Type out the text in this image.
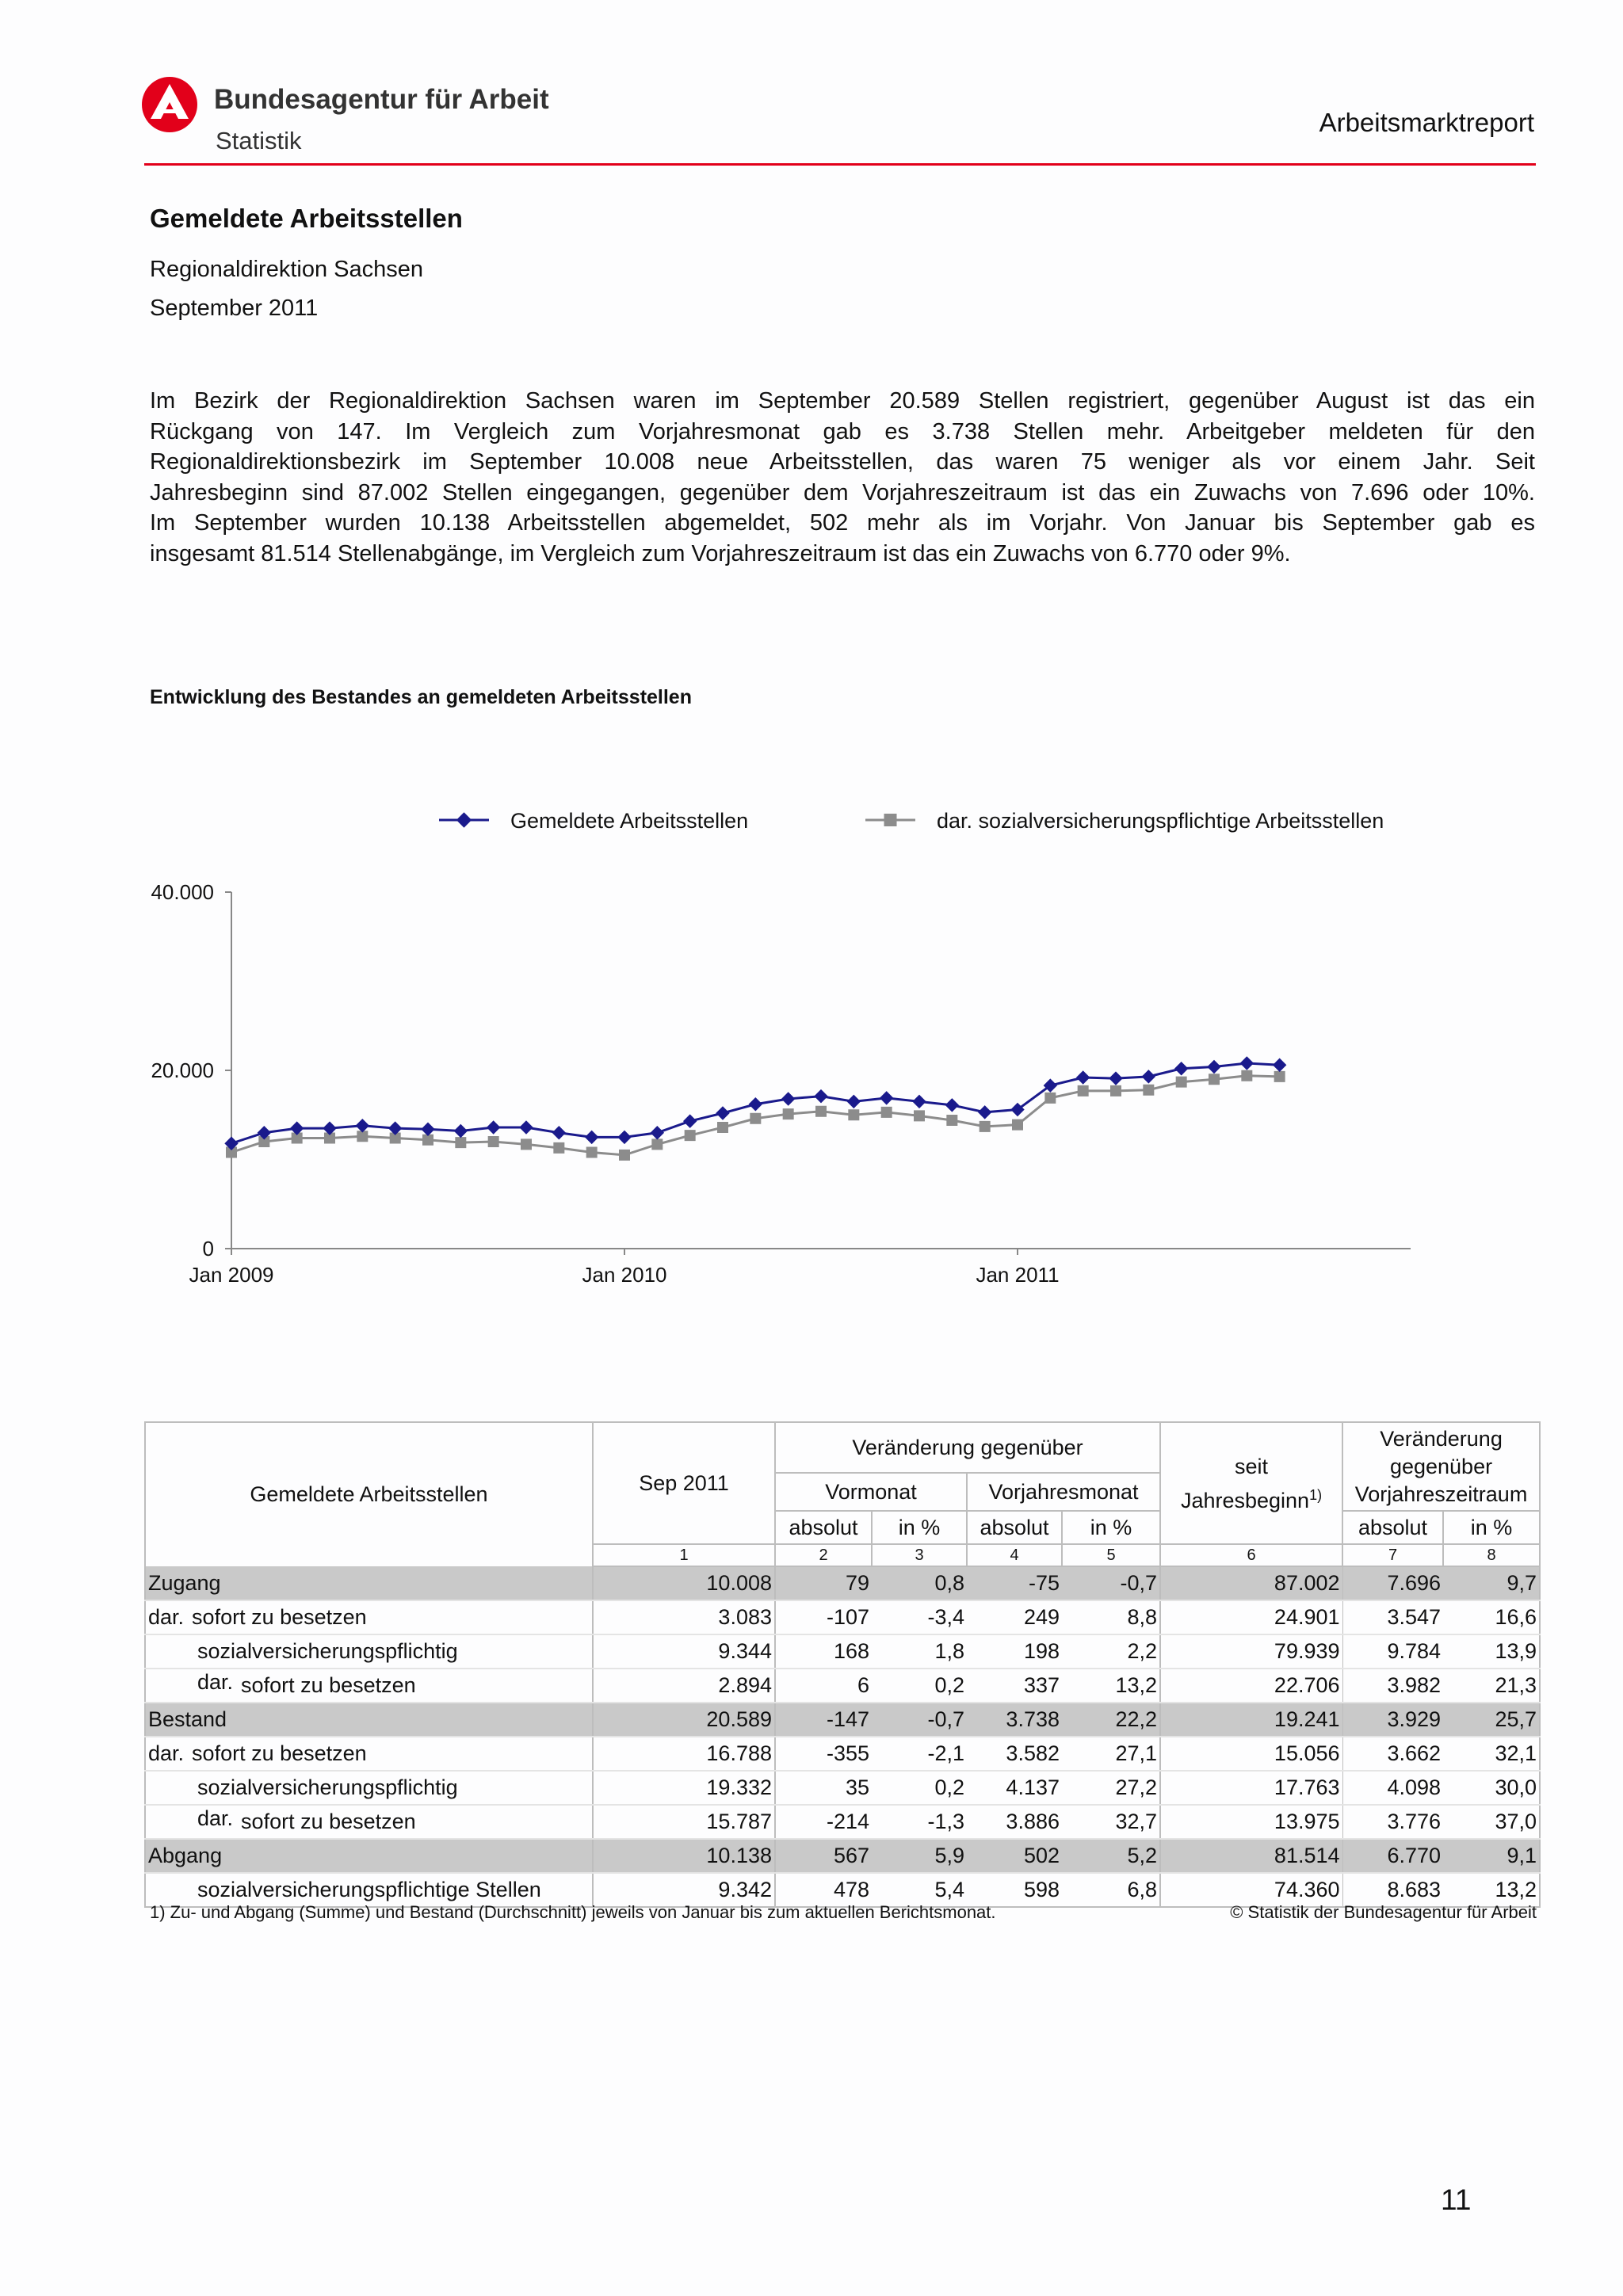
Bundesagentur für Arbeit
Statistik
Arbeitsmarktreport
Gemeldete Arbeitsstellen
Regionaldirektion Sachsen
September 2011
Im Bezirk der Regionaldirektion Sachsen waren im September 20.589 Stellen registriert, gegenüber August ist das ein
Rückgang von 147. Im Vergleich zum Vorjahresmonat gab es 3.738 Stellen mehr. Arbeitgeber meldeten für den
Regionaldirektionsbezirk im September 10.008 neue Arbeitsstellen, das waren 75 weniger als vor einem Jahr. Seit
Jahresbeginn sind 87.002 Stellen eingegangen, gegenüber dem Vorjahreszeitraum ist das ein Zuwachs von 7.696 oder 10%.
Im September wurden 10.138 Arbeitsstellen abgemeldet, 502 mehr als im Vorjahr. Von Januar bis September gab es
insgesamt 81.514 Stellenabgänge, im Vergleich zum Vorjahreszeitraum ist das ein Zuwachs von 6.770 oder 9%.
Entwicklung des Bestandes an gemeldeten Arbeitsstellen
Gemeldete Arbeitsstellen	dar. sozialversicherungspflichtige Arbeitsstellen
0
20.000
40.000
Jan 2009	Jan 2010	Jan 2011
Gemeldete Arbeitsstellen	Sep 2011	Veränderung gegenüber				seit
Jahresbeginn$^{1)}$	Veränderung
gegenüber
Vorjahreszeitraum	
		Vormonat		Vorjahresmonat				
		absolut	in %	absolut	in %		absolut	in %
	1	2	3	4	5	6	7	8
Zugang	10.008	79	0,8	-75	-0,7	87.002	7.696	9,7
dar. sofort zu besetzen	3.083	-107	-3,4	249	8,8	24.901	3.547	16,6
sozialversicherungspflichtig	9.344	168	1,8	198	2,2	79.939	9.784	13,9
dar. sofort zu besetzen	2.894	6	0,2	337	13,2	22.706	3.982	21,3
Bestand	20.589	-147	-0,7	3.738	22,2	19.241	3.929	25,7
dar. sofort zu besetzen	16.788	-355	-2,1	3.582	27,1	15.056	3.662	32,1
sozialversicherungspflichtig	19.332	35	0,2	4.137	27,2	17.763	4.098	30,0
dar. sofort zu besetzen	15.787	-214	-1,3	3.886	32,7	13.975	3.776	37,0
Abgang	10.138	567	5,9	502	5,2	81.514	6.770	9,1
sozialversicherungspflichtige Stellen	9.342	478	5,4	598	6,8	74.360	8.683	13,2
1) Zu- und Abgang (Summe) und Bestand (Durchschnitt) jeweils von Januar bis zum aktuellen Berichtsmonat.	© Statistik der Bundesagentur für Arbeit
11
